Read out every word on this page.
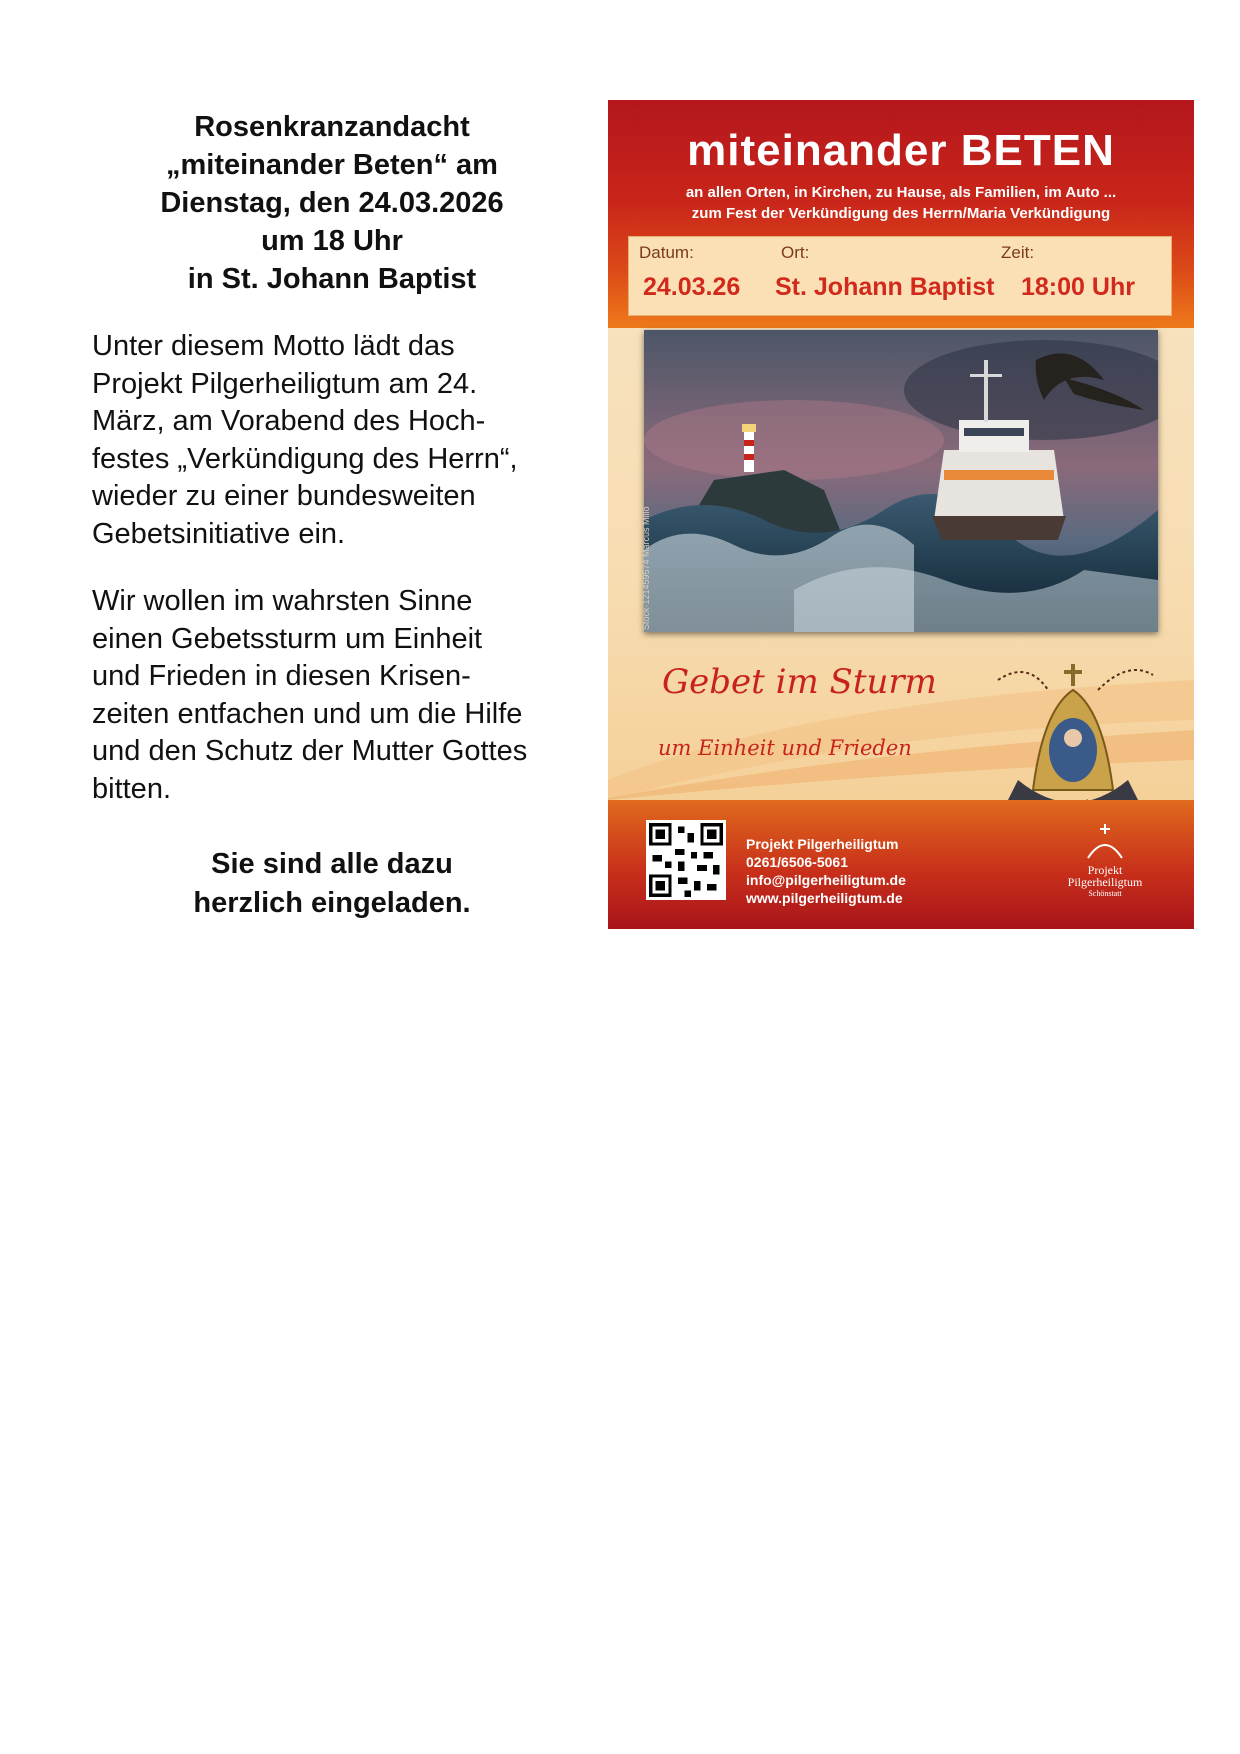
Rosenkranzandacht
„miteinander Beten“ am
Dienstag, den 24.03.2026
um 18 Uhr
in St. Johann Baptist
Unter diesem Motto lädt das
Projekt Pilgerheiligtum am 24.
März, am Vorabend des Hoch-
festes „Verkündigung des Herrn“,
wieder zu einer bundesweiten
Gebetsinitiative ein.
Wir wollen im wahrsten Sinne
einen Gebetssturm um Einheit
und Frieden in diesen Krisen-
zeiten entfachen und um die Hilfe
und den Schutz der Mutter Gottes
bitten.
Sie sind alle dazu
herzlich eingeladen.
miteinander BETEN
an allen Orten, in Kirchen, zu Hause, als Familien, im Auto ...
zum Fest der Verkündigung des Herrn/Maria Verkündigung
Datum:	Ort:	Zeit:
24.03.26 St. Johann Baptist 18:00 Uhr
Stock-121459574 Marcus Millo
Gebet im Sturm
um Einheit und Frieden
Projekt Pilgerheiligtum
0261/6506-5061
info@pilgerheiligtum.de
www.pilgerheiligtum.de
Projekt
Pilgerheiligtum
Schönstatt
